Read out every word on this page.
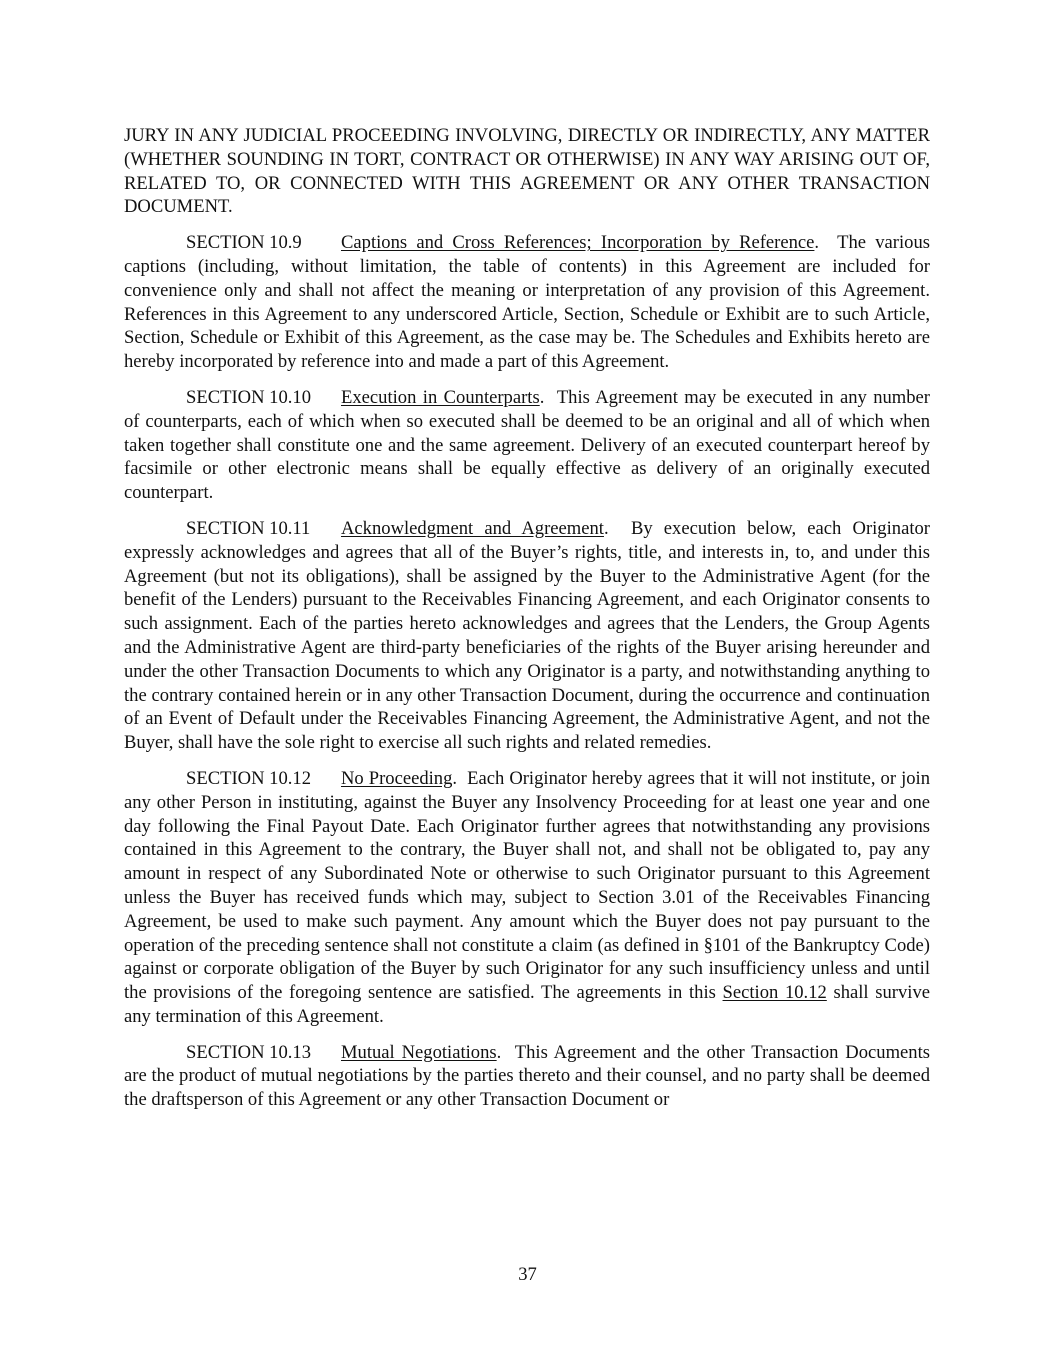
JURY IN ANY JUDICIAL PROCEEDING INVOLVING, DIRECTLY OR INDIRECTLY, ANY MATTER (WHETHER SOUNDING IN TORT, CONTRACT OR OTHERWISE) IN ANY WAY ARISING OUT OF, RELATED TO, OR CONNECTED WITH THIS AGREEMENT OR ANY OTHER TRANSACTION DOCUMENT.

SECTION 10.9 Captions and Cross References; Incorporation by Reference.  The various captions (including, without limitation, the table of contents) in this Agreement are included for convenience only and shall not affect the meaning or interpretation of any provision of this Agreement. References in this Agreement to any underscored Article, Section, Schedule or Exhibit are to such Article, Section, Schedule or Exhibit of this Agreement, as the case may be. The Schedules and Exhibits hereto are hereby incorporated by reference into and made a part of this Agreement.

SECTION 10.10 Execution in Counterparts.  This Agreement may be executed in any number of counterparts, each of which when so executed shall be deemed to be an original and all of which when taken together shall constitute one and the same agreement. Delivery of an executed counterpart hereof by facsimile or other electronic means shall be equally effective as delivery of an originally executed counterpart.

SECTION 10.11 Acknowledgment and Agreement.  By execution below, each Originator expressly acknowledges and agrees that all of the Buyer’s rights, title, and interests in, to, and under this Agreement (but not its obligations), shall be assigned by the Buyer to the Administrative Agent (for the benefit of the Lenders) pursuant to the Receivables Financing Agreement, and each Originator consents to such assignment. Each of the parties hereto acknowledges and agrees that the Lenders, the Group Agents and the Administrative Agent are third-party beneficiaries of the rights of the Buyer arising hereunder and under the other Transaction Documents to which any Originator is a party, and notwithstanding anything to the contrary contained herein or in any other Transaction Document, during the occurrence and continuation of an Event of Default under the Receivables Financing Agreement, the Administrative Agent, and not the Buyer, shall have the sole right to exercise all such rights and related remedies.

SECTION 10.12 No Proceeding.  Each Originator hereby agrees that it will not institute, or join any other Person in instituting, against the Buyer any Insolvency Proceeding for at least one year and one day following the Final Payout Date. Each Originator further agrees that notwithstanding any provisions contained in this Agreement to the contrary, the Buyer shall not, and shall not be obligated to, pay any amount in respect of any Subordinated Note or otherwise to such Originator pursuant to this Agreement unless the Buyer has received funds which may, subject to Section 3.01 of the Receivables Financing Agreement, be used to make such payment. Any amount which the Buyer does not pay pursuant to the operation of the preceding sentence shall not constitute a claim (as defined in §101 of the Bankruptcy Code) against or corporate obligation of the Buyer by such Originator for any such insufficiency unless and until the provisions of the foregoing sentence are satisfied. The agreements in this Section 10.12 shall survive any termination of this Agreement.

SECTION 10.13 Mutual Negotiations.  This Agreement and the other Transaction Documents are the product of mutual negotiations by the parties thereto and their counsel, and no party shall be deemed the draftsperson of this Agreement or any other Transaction Document or

37
